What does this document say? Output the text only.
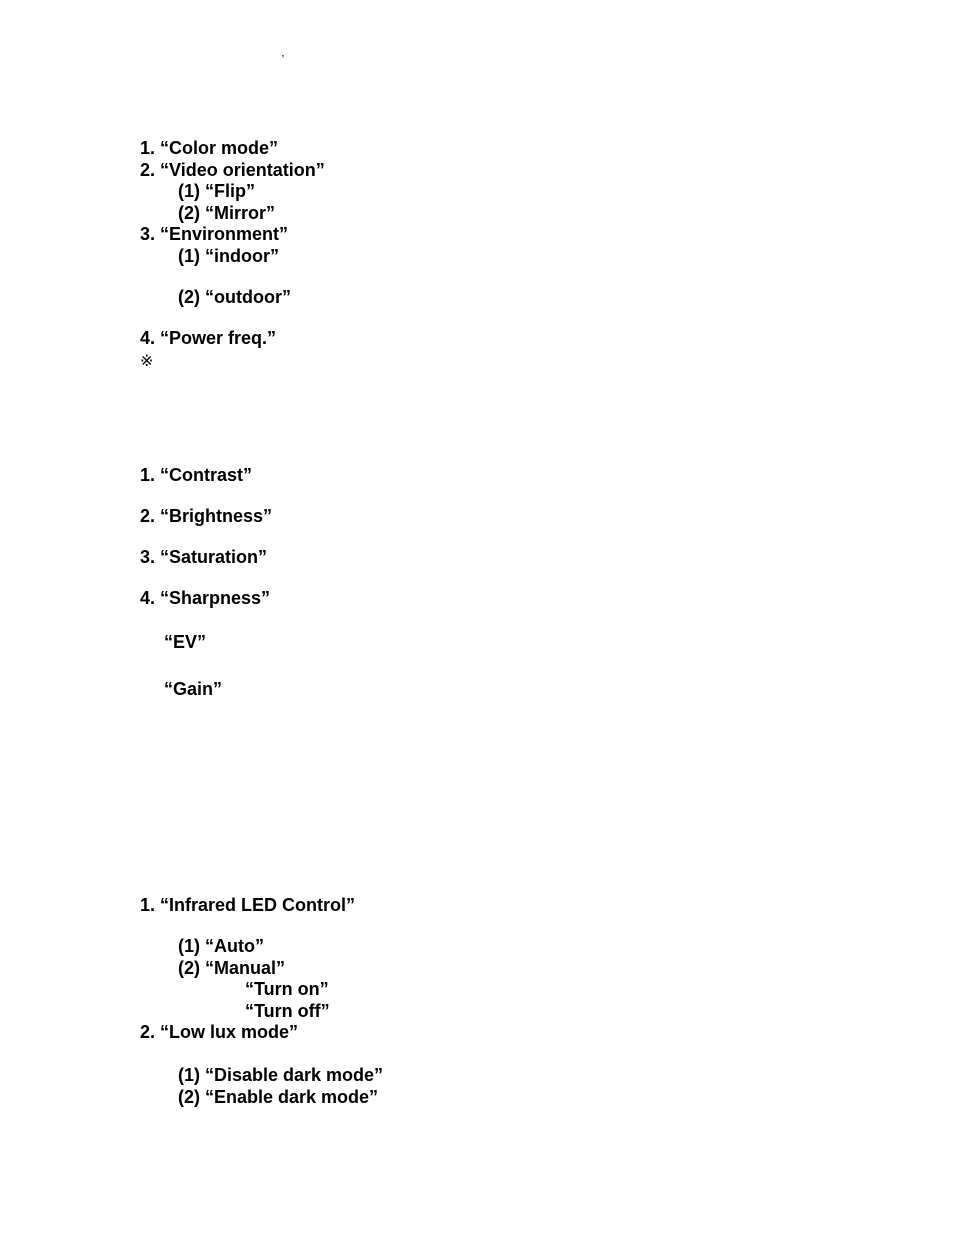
’
1. “Color mode”
2. “Video orientation”
(1) “Flip”
(2) “Mirror”
3. “Environment”
(1) “indoor”
(2) “outdoor”
4. “Power freq.”
※
1. “Contrast”
2. “Brightness”
3. “Saturation”
4. “Sharpness”
“EV”
“Gain”
1. “Infrared LED Control”
(1) “Auto”
(2) “Manual”
“Turn on”
“Turn off”
2. “Low lux mode”
(1) “Disable dark mode”
(2) “Enable dark mode”
